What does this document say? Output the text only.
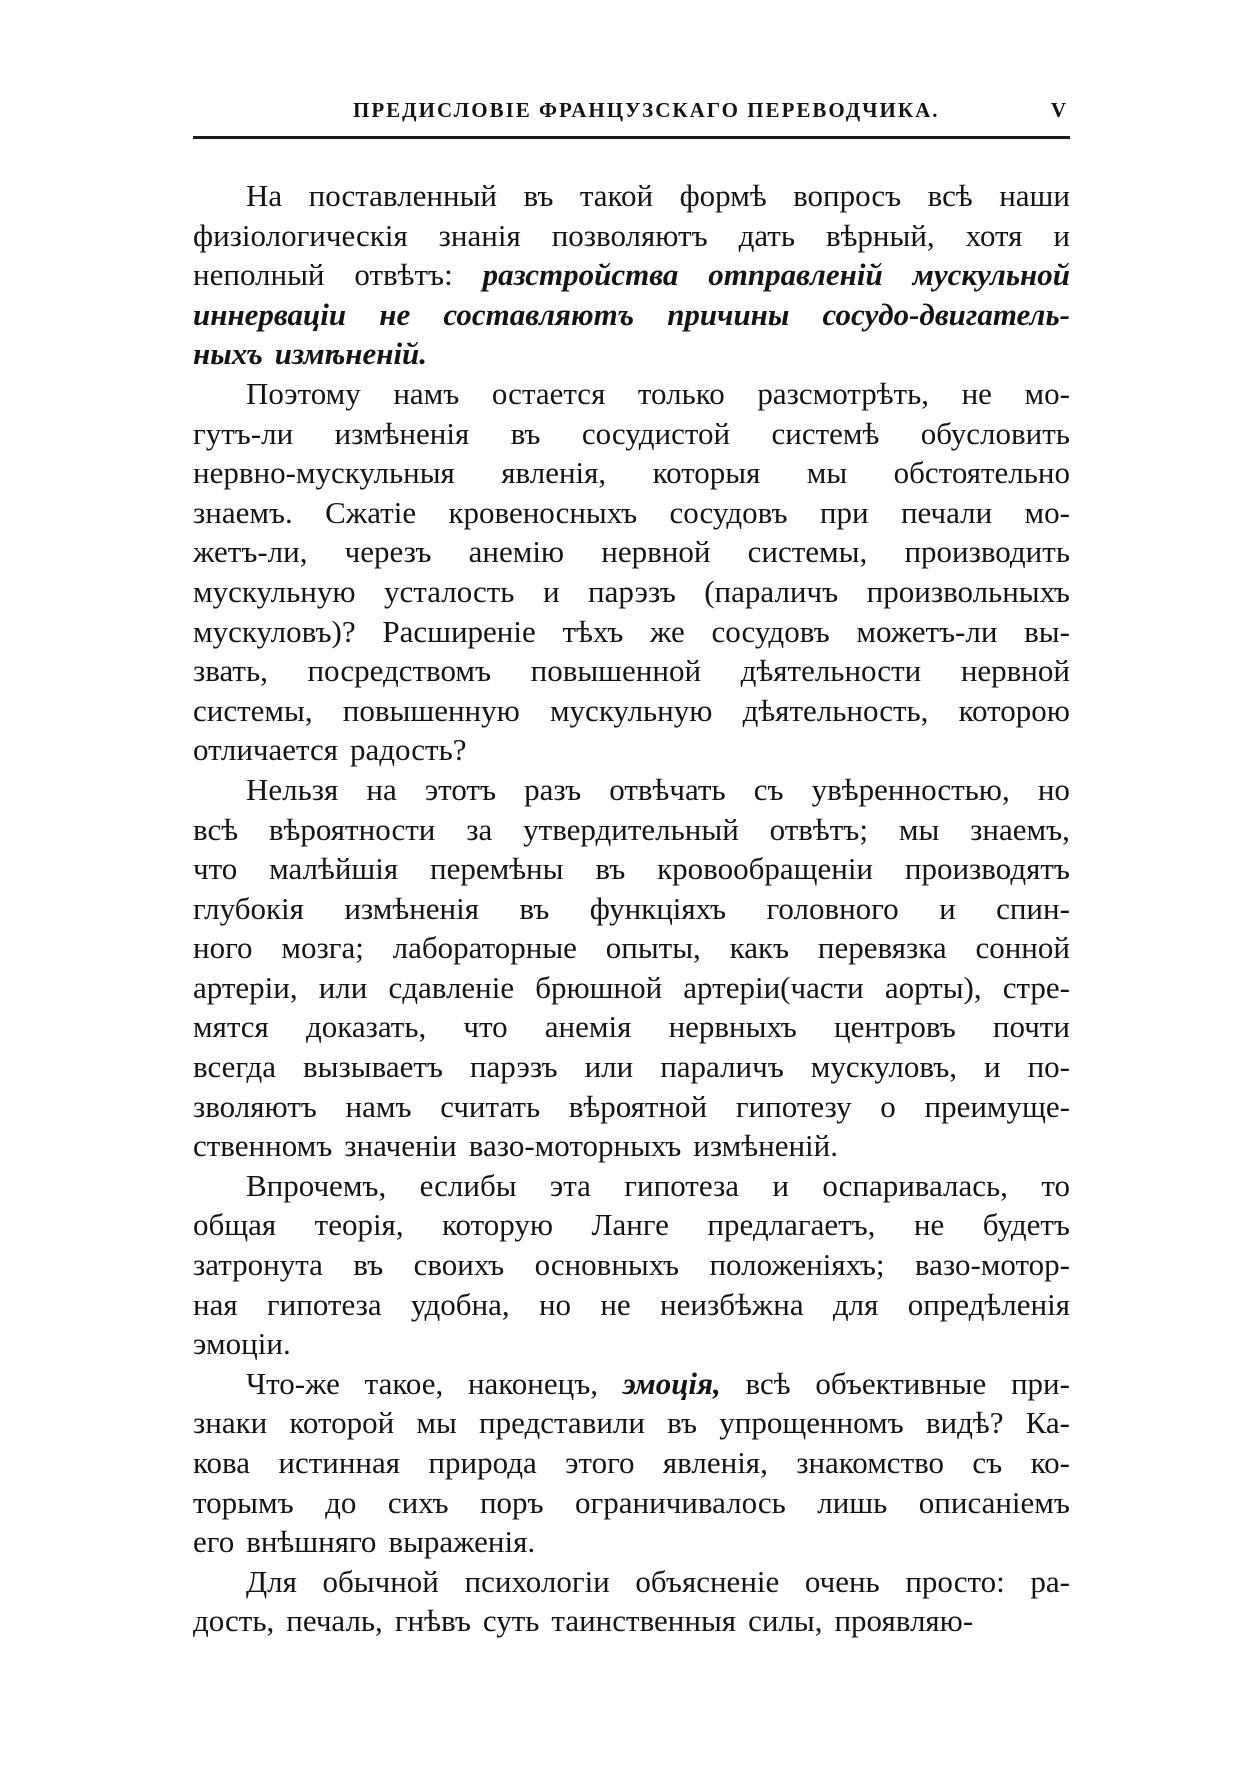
ПРЕДИСЛОВІЕ ФРАНЦУЗСКАГО ПЕРЕВОДЧИКА.	V
На поставленный въ такой формѣ вопросъ всѣ наши
физіологическія знанія позволяютъ дать вѣрный, хотя и
неполный отвѣтъ: разстройства отправленій мускульной
иннерваціи не составляютъ причины сосудо-двигатель-
ныхъ измѣненій.
Поэтому намъ остается только разсмотрѣть, не мо-
гутъ-ли измѣненія въ сосудистой системѣ обусловить
нервно-мускульныя явленія, которыя мы обстоятельно
знаемъ. Сжатіе кровеносныхъ сосудовъ при печали мо-
жетъ-ли, черезъ анемію нервной системы, производить
мускульную усталость и парэзъ (параличъ произвольныхъ
мускуловъ)? Расширеніе тѣхъ же сосудовъ можетъ-ли вы-
звать, посредствомъ повышенной дѣятельности нервной
системы, повышенную мускульную дѣятельность, которою
отличается радость?
Нельзя на этотъ разъ отвѣчать съ увѣренностью, но
всѣ вѣроятности за утвердительный отвѣтъ; мы знаемъ,
что малѣйшія перемѣны въ кровообращеніи производятъ
глубокія измѣненія въ функціяхъ головного и спин-
ного мозга; лабораторные опыты, какъ перевязка сонной
артеріи, или сдавленіе брюшной артеріи(части аорты), стре-
мятся доказать, что анемія нервныхъ центровъ почти
всегда вызываетъ парэзъ или параличъ мускуловъ, и по-
зволяютъ намъ считать вѣроятной гипотезу о преимуще-
ственномъ значеніи вазо-моторныхъ измѣненій.
Впрочемъ, еслибы эта гипотеза и оспаривалась, то
общая теорія, которую Ланге предлагаетъ, не будетъ
затронута въ своихъ основныхъ положеніяхъ; вазо-мотор-
ная гипотеза удобна, но не неизбѣжна для опредѣленія
эмоціи.
Что-же такое, наконецъ, эмоція, всѣ объективные при-
знаки которой мы представили въ упрощенномъ видѣ? Ка-
кова истинная природа этого явленія, знакомство съ ко-
торымъ до сихъ поръ ограничивалось лишь описаніемъ
его внѣшняго выраженія.
Для обычной психологіи объясненіе очень просто: ра-
дость, печаль, гнѣвъ суть таинственныя силы, проявляю-
